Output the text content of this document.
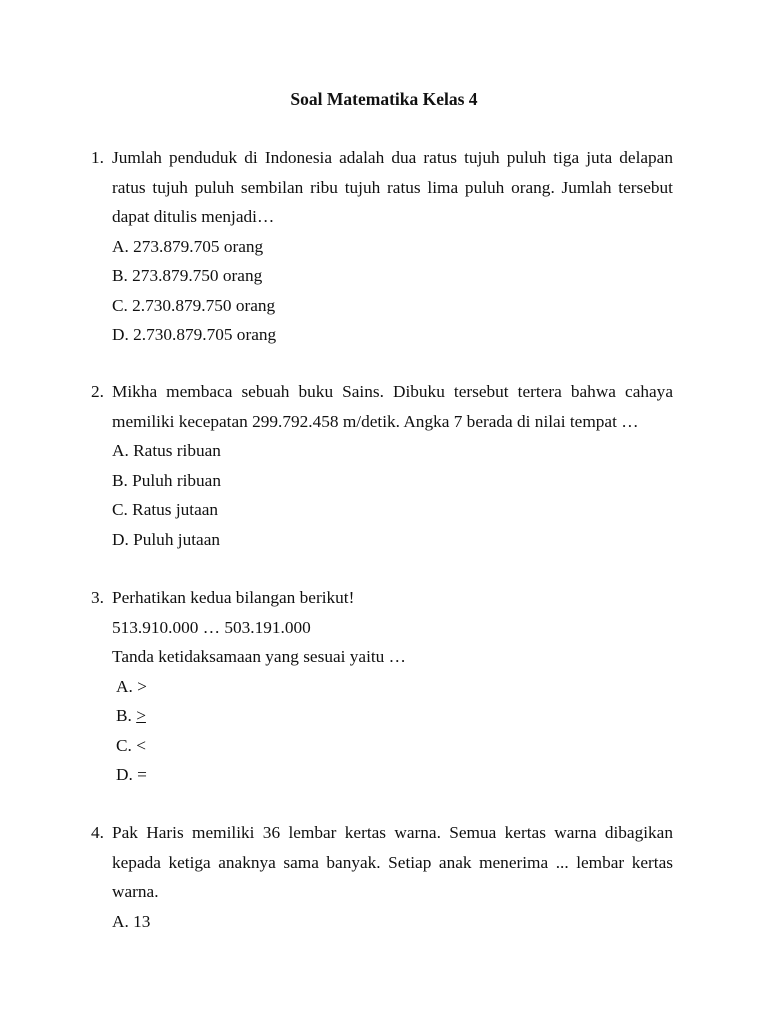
Soal Matematika Kelas 4
1. Jumlah penduduk di Indonesia adalah dua ratus tujuh puluh tiga juta delapan ratus tujuh puluh sembilan ribu tujuh ratus lima puluh orang. Jumlah tersebut dapat ditulis menjadi…
A. 273.879.705 orang
B. 273.879.750 orang
C. 2.730.879.750 orang
D. 2.730.879.705 orang
2. Mikha membaca sebuah buku Sains. Dibuku tersebut tertera bahwa cahaya memiliki kecepatan 299.792.458 m/detik. Angka 7 berada di nilai tempat …
A. Ratus ribuan
B. Puluh ribuan
C. Ratus jutaan
D. Puluh jutaan
3. Perhatikan kedua bilangan berikut!
513.910.000 … 503.191.000
Tanda ketidaksamaan yang sesuai yaitu …
A. >
B. >
C. <
D. =
4. Pak Haris memiliki 36 lembar kertas warna. Semua kertas warna dibagikan kepada ketiga anaknya sama banyak. Setiap anak menerima ... lembar kertas warna.
A. 13
